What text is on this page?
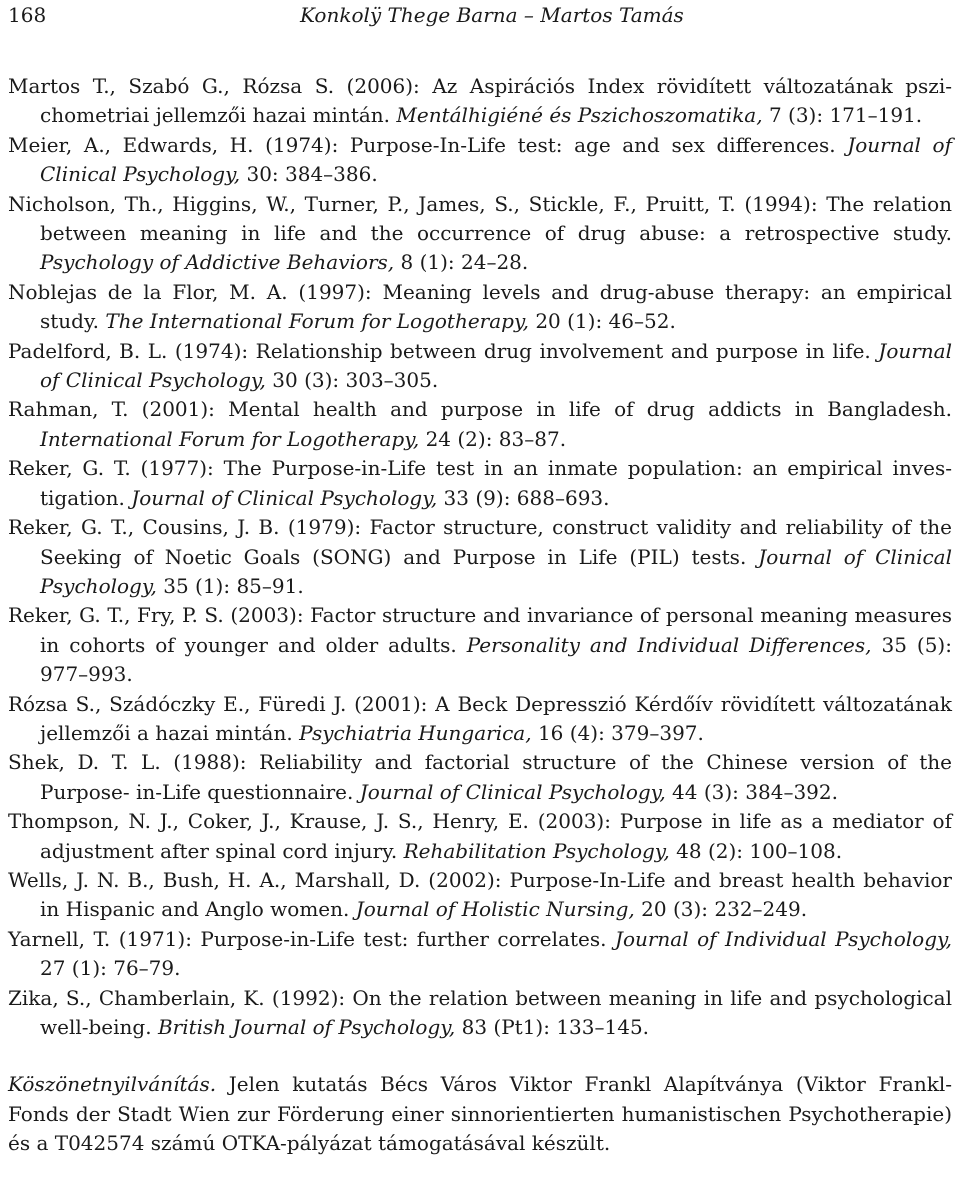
168	Konkolÿ Thege Barna – Martos Tamás

Martos T., Szabó G., Rózsa S. (2006): Az Aspirációs Index rövidített változatának pszichometriai jellemzői hazai mintán. Mentálhigiéné és Pszichoszomatika, 7 (3): 171–191.

Meier, A., Edwards, H. (1974): Purpose-In-Life test: age and sex differences. Journal of Clinical Psychology, 30: 384–386.

Nicholson, Th., Higgins, W., Turner, P., James, S., Stickle, F., Pruitt, T. (1994): The relation between meaning in life and the occurrence of drug abuse: a retrospective study. Psychology of Addictive Behaviors, 8 (1): 24–28.

Noblejas de la Flor, M. A. (1997): Meaning levels and drug-abuse therapy: an empirical study. The International Forum for Logotherapy, 20 (1): 46–52.

Padelford, B. L. (1974): Relationship between drug involvement and purpose in life. Journal of Clinical Psychology, 30 (3): 303–305.

Rahman, T. (2001): Mental health and purpose in life of drug addicts in Bangladesh. International Forum for Logotherapy, 24 (2): 83–87.

Reker, G. T. (1977): The Purpose-in-Life test in an inmate population: an empirical investigation. Journal of Clinical Psychology, 33 (9): 688–693.

Reker, G. T., Cousins, J. B. (1979): Factor structure, construct validity and reliability of the Seeking of Noetic Goals (SONG) and Purpose in Life (PIL) tests. Journal of Clinical Psychology, 35 (1): 85–91.

Reker, G. T., Fry, P. S. (2003): Factor structure and invariance of personal meaning measures in cohorts of younger and older adults. Personality and Individual Differences, 35 (5): 977–993.

Rózsa S., Szádóczky E., Füredi J. (2001): A Beck Depresszió Kérdőív rövidített változatának jellemzői a hazai mintán. Psychiatria Hungarica, 16 (4): 379–397.

Shek, D. T. L. (1988): Reliability and factorial structure of the Chinese version of the Purpose- in-Life questionnaire. Journal of Clinical Psychology, 44 (3): 384–392.

Thompson, N. J., Coker, J., Krause, J. S., Henry, E. (2003): Purpose in life as a mediator of adjustment after spinal cord injury. Rehabilitation Psychology, 48 (2): 100–108.

Wells, J. N. B., Bush, H. A., Marshall, D. (2002): Purpose-In-Life and breast health behavior in Hispanic and Anglo women. Journal of Holistic Nursing, 20 (3): 232–249.

Yarnell, T. (1971): Purpose-in-Life test: further correlates. Journal of Individual Psychology, 27 (1): 76–79.

Zika, S., Chamberlain, K. (1992): On the relation between meaning in life and psychological well-being. British Journal of Psychology, 83 (Pt1): 133–145.

Köszönetnyilvánítás. Jelen kutatás Bécs Város Viktor Frankl Alapítványa (Viktor Frankl-Fonds der Stadt Wien zur Förderung einer sinnorientierten humanistischen Psychotherapie) és a T042574 számú OTKA-pályázat támogatásával készült.
